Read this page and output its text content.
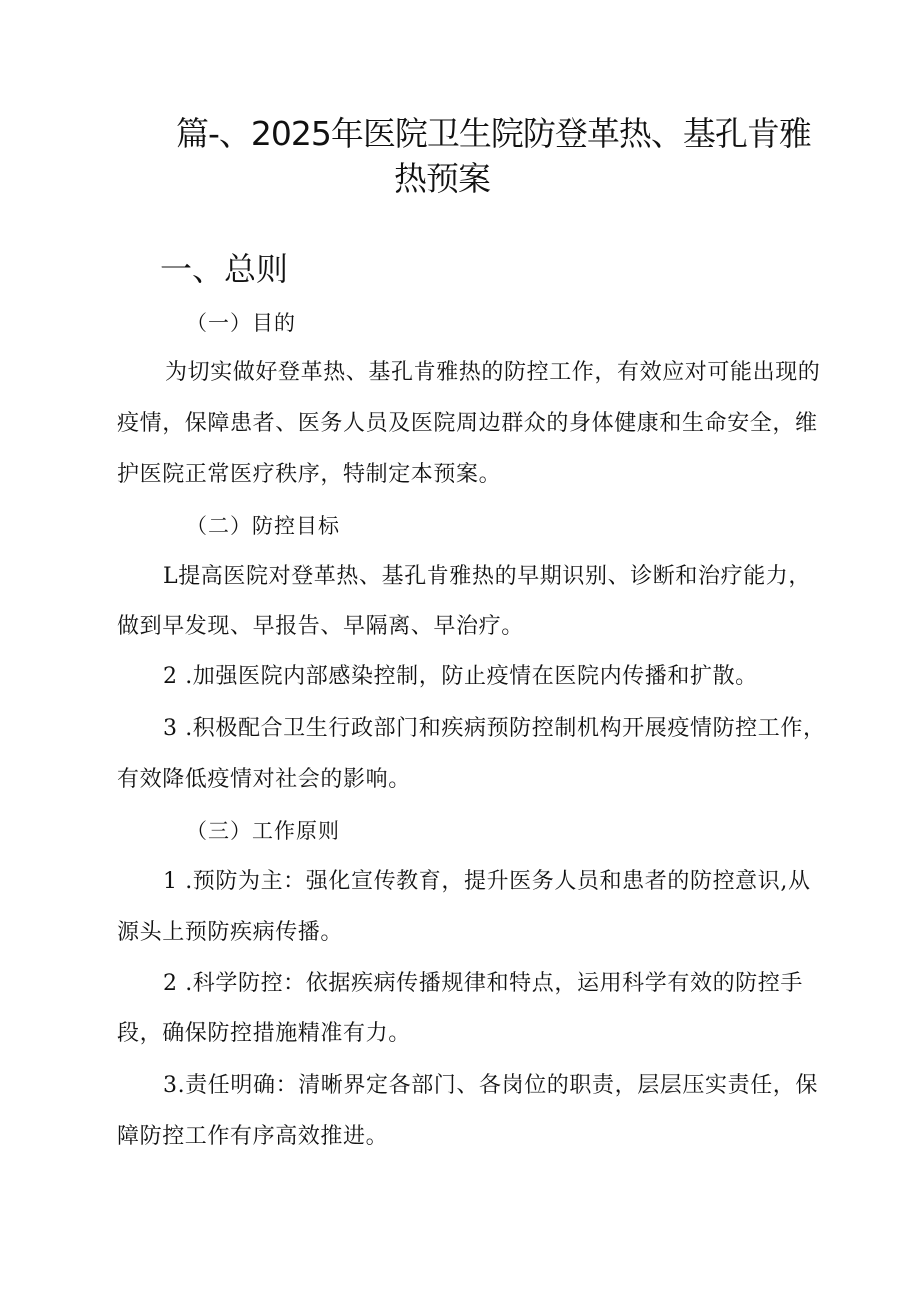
篇-、2025年医院卫生院防登革热、基孔肯雅
热预案
一、总则
（一）目的
为切实做好登革热、基孔肯雅热的防控工作，有效应对可能出现的
疫情，保障患者、医务人员及医院周边群众的身体健康和生命安全，维
护医院正常医疗秩序，特制定本预案。
（二）防控目标
L提高医院对登革热、基孔肯雅热的早期识别、诊断和治疗能力，
做到早发现、早报告、早隔离、早治疗。
2 .加强医院内部感染控制，防止疫情在医院内传播和扩散。
3 .积极配合卫生行政部门和疾病预防控制机构开展疫情防控工作，
有效降低疫情对社会的影响。
（三）工作原则
1 .预防为主：强化宣传教育，提升医务人员和患者的防控意识,从
源头上预防疾病传播。
2 .科学防控：依据疾病传播规律和特点，运用科学有效的防控手
段，确保防控措施精准有力。
3.责任明确：清晰界定各部门、各岗位的职责，层层压实责任，保
障防控工作有序高效推进。
